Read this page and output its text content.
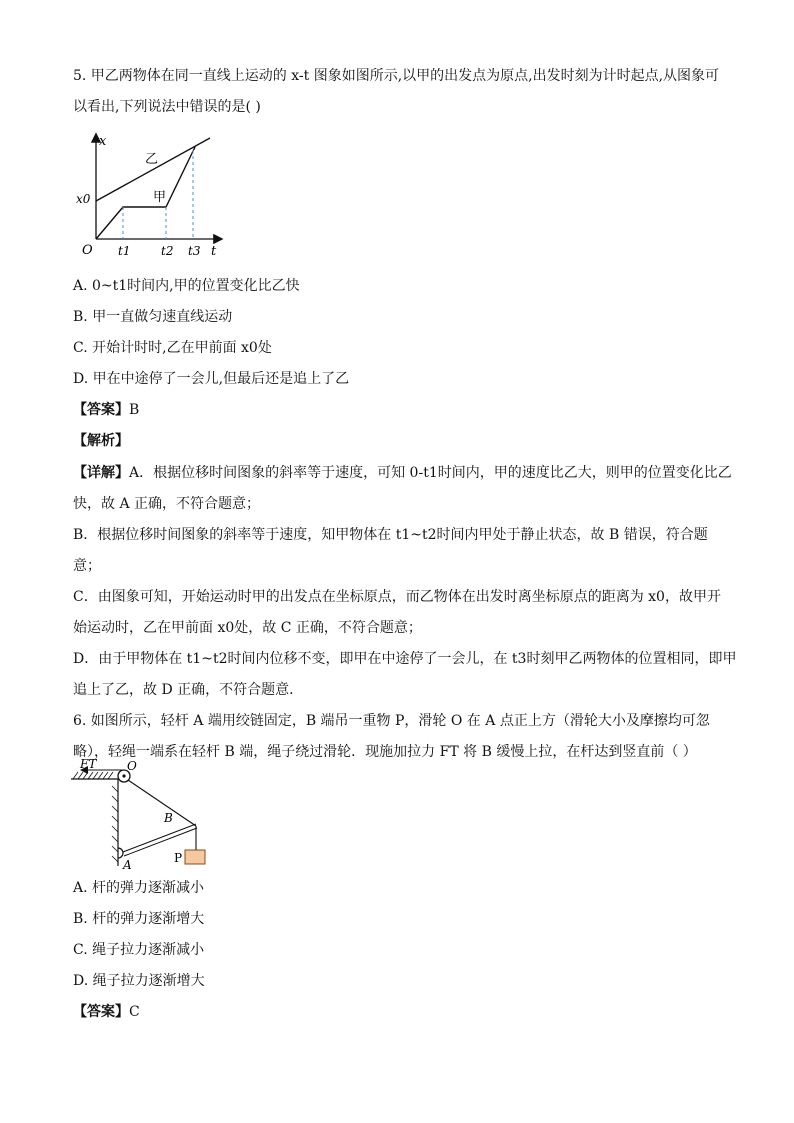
5. 甲乙两物体在同一直线上运动的 x-t 图象如图所示,以甲的出发点为原点,出发时刻为计时起点,从图象可
以看出,下列说法中错误的是( )
x
t
O
x0
t1	t2 t3
乙
甲
A. 0~t1时间内,甲的位置变化比乙快
B. 甲一直做匀速直线运动
C. 开始计时时,乙在甲前面 x0处
D. 甲在中途停了一会儿,但最后还是追上了乙
【答案】B
【解析】
【详解】A．根据位移时间图象的斜率等于速度，可知 0-t1时间内，甲的速度比乙大，则甲的位置变化比乙
快，故 A 正确，不符合题意；
B．根据位移时间图象的斜率等于速度，知甲物体在 t1~t2时间内甲处于静止状态，故 B 错误，符合题
意；
C．由图象可知，开始运动时甲的出发点在坐标原点，而乙物体在出发时离坐标原点的距离为 x0，故甲开
始运动时，乙在甲前面 x0处，故 C 正确，不符合题意；
D．由于甲物体在 t1~t2时间内位移不变，即甲在中途停了一会儿，在 t3时刻甲乙两物体的位置相同，即甲
追上了乙，故 D 正确，不符合题意．
6. 如图所示，轻杆 A 端用绞链固定，B 端吊一重物 P，滑轮 O 在 A 点正上方（滑轮大小及摩擦均可忽
略），轻绳一端系在轻杆 B 端，绳子绕过滑轮．现施加拉力 FT 将 B 缓慢上拉，在杆达到竖直前（ ）
FT	O
B
A	P
A. 杆的弹力逐渐减小
B. 杆的弹力逐渐增大
C. 绳子拉力逐渐减小
D. 绳子拉力逐渐增大
【答案】C
